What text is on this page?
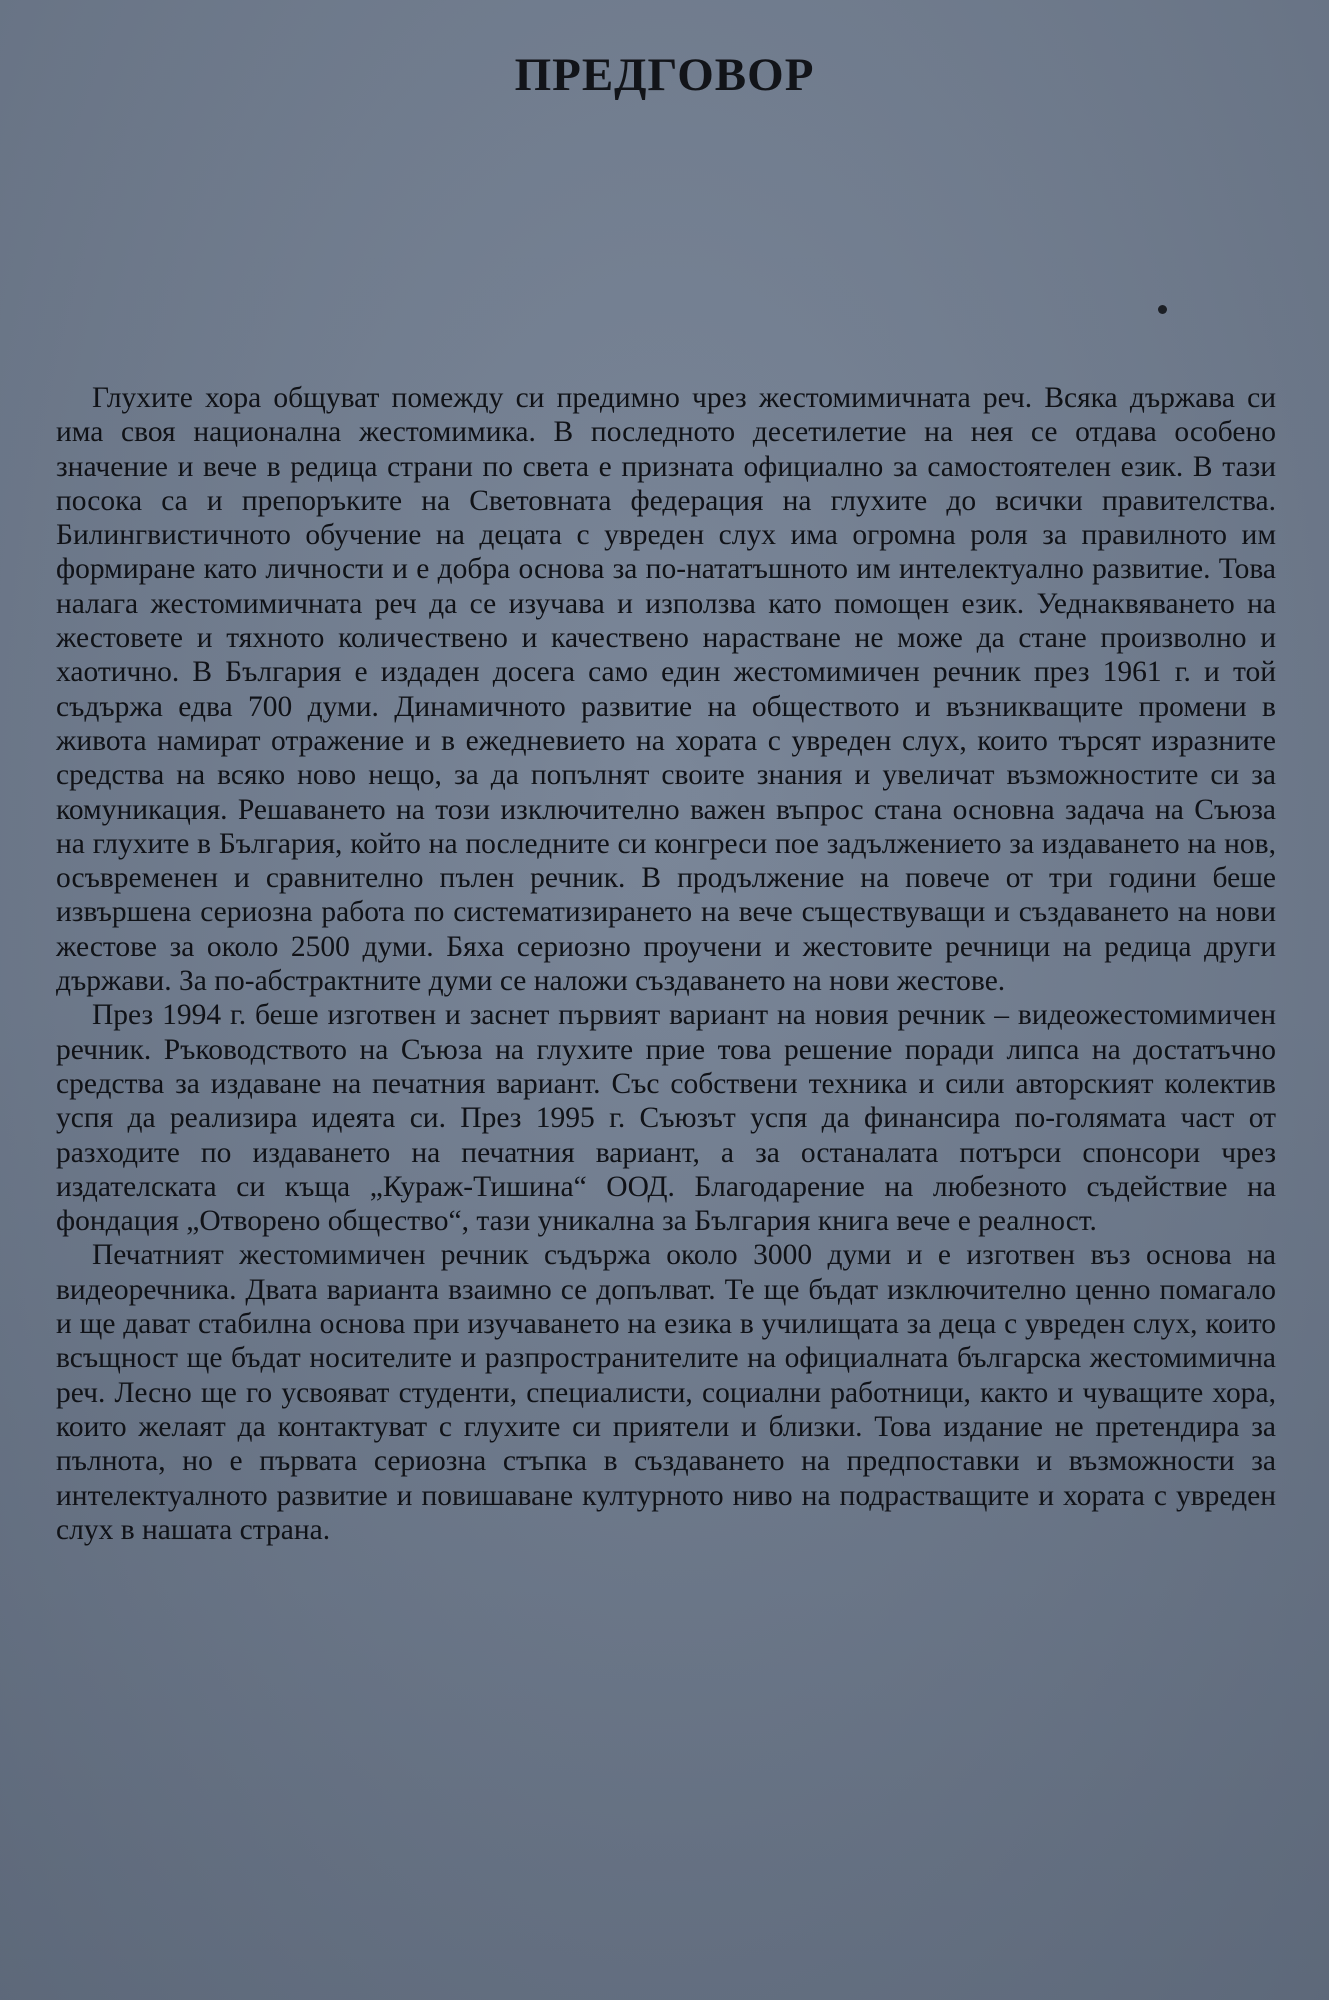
ПРЕДГОВОР

Глухите хора общуват помежду си предимно чрез жестомимичната реч. Всяка държава си има своя национална жестомимика. В последното десетилетие на нея се отдава особено значение и вече в редица страни по света е призната официално за самостоятелен език. В тази посока са и препоръките на Световната федерация на глухите до всички правителства. Билингвистичното обучение на децата с увреден слух има огромна роля за правилното им формиране като личности и е добра основа за по-нататъшното им интелектуално развитие. Това налага жестомимичната реч да се изучава и използва като помощен език. Уеднаквяването на жестовете и тяхното количествено и качествено нарастване не може да стане произволно и хаотично. В България е издаден досега само един жестомимичен речник през 1961 г. и той съдържа едва 700 думи. Динамичното развитие на обществото и възникващите промени в живота намират отражение и в ежедневието на хората с увреден слух, които търсят изразните средства на всяко ново нещо, за да попълнят своите знания и увеличат възможностите си за комуникация. Решаването на този изключително важен въпрос стана основна задача на Съюза на глухите в България, който на последните си конгреси пое задължението за издаването на нов, осъвременен и сравнително пълен речник. В продължение на повече от три години беше извършена сериозна работа по систематизирането на вече съществуващи и създаването на нови жестове за около 2500 думи. Бяха сериозно проучени и жестовите речници на редица други държави. За по-абстрактните думи се наложи създаването на нови жестове.

През 1994 г. беше изготвен и заснет първият вариант на новия речник – видеожестомимичен речник. Ръководството на Съюза на глухите прие това решение поради липса на достатъчно средства за издаване на печатния вариант. Със собствени техника и сили авторският колектив успя да реализира идеята си. През 1995 г. Съюзът успя да финансира по-голямата част от разходите по издаването на печатния вариант, а за останалата потърси спонсори чрез издателската си къща „Кураж-Тишина“ ООД. Благодарение на любезното съдействие на фондация „Отворено общество“, тази уникална за България книга вече е реалност.

Печатният жестомимичен речник съдържа около 3000 думи и е изготвен въз основа на видеоречника. Двата варианта взаимно се допълват. Те ще бъдат изключително ценно помагало и ще дават стабилна основа при изучаването на езика в училищата за деца с увреден слух, които всъщност ще бъдат носителите и разпространителите на официалната българска жестомимична реч. Лесно ще го усвояват студенти, специалисти, социални работници, както и чуващите хора, които желаят да контактуват с глухите си приятели и близки. Това издание не претендира за пълнота, но е първата сериозна стъпка в създаването на предпоставки и възможности за интелектуалното развитие и повишаване културното ниво на подрастващите и хората с увреден слух в нашата страна.
